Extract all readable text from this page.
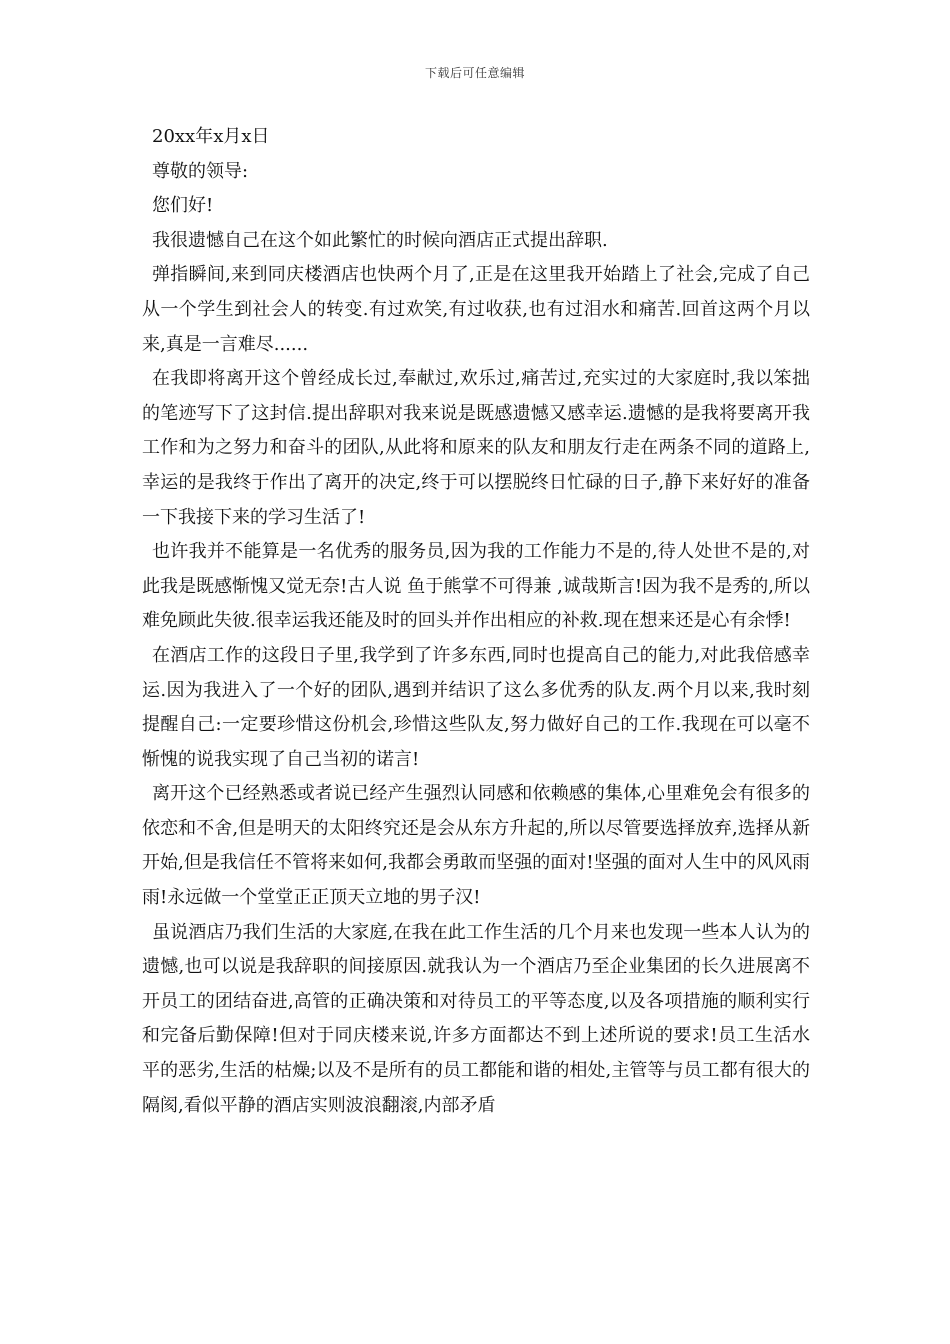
下载后可任意编辑

20xx年x月x日

尊敬的领导:

您们好!

我很遗憾自己在这个如此繁忙的时候向酒店正式提出辞职.

弹指瞬间,来到同庆楼酒店也快两个月了,正是在这里我开始踏上了社会,完成了自己从一个学生到社会人的转变.有过欢笑,有过收获,也有过泪水和痛苦.回首这两个月以来,真是一言难尽......

在我即将离开这个曾经成长过,奉献过,欢乐过,痛苦过,充实过的大家庭时,我以笨拙的笔迹写下了这封信.提出辞职对我来说是既感遗憾又感幸运.遗憾的是我将要离开我工作和为之努力和奋斗的团队,从此将和原来的队友和朋友行走在两条不同的道路上,幸运的是我终于作出了离开的决定,终于可以摆脱终日忙碌的日子,静下来好好的准备一下我接下来的学习生活了!

也许我并不能算是一名优秀的服务员,因为我的工作能力不是的,待人处世不是的,对此我是既感惭愧又觉无奈!古人说 鱼于熊掌不可得兼 ,诚哉斯言!因为我不是秀的,所以难免顾此失彼.很幸运我还能及时的回头并作出相应的补救.现在想来还是心有余悸!

在酒店工作的这段日子里,我学到了许多东西,同时也提高自己的能力,对此我倍感幸运.因为我进入了一个好的团队,遇到并结识了这么多优秀的队友.两个月以来,我时刻提醒自己:一定要珍惜这份机会,珍惜这些队友,努力做好自己的工作.我现在可以毫不惭愧的说我实现了自己当初的诺言!

离开这个已经熟悉或者说已经产生强烈认同感和依赖感的集体,心里难免会有很多的依恋和不舍,但是明天的太阳终究还是会从东方升起的,所以尽管要选择放弃,选择从新开始,但是我信任不管将来如何,我都会勇敢而坚强的面对!坚强的面对人生中的风风雨雨!永远做一个堂堂正正顶天立地的男子汉!

虽说酒店乃我们生活的大家庭,在我在此工作生活的几个月来也发现一些本人认为的遗憾,也可以说是我辞职的间接原因.就我认为一个酒店乃至企业集团的长久进展离不开员工的团结奋进,高管的正确决策和对待员工的平等态度,以及各项措施的顺利实行和完备后勤保障!但对于同庆楼来说,许多方面都达不到上述所说的要求!员工生活水平的恶劣,生活的枯燥;以及不是所有的员工都能和谐的相处,主管等与员工都有很大的隔阂,看似平静的酒店实则波浪翻滚,内部矛盾
